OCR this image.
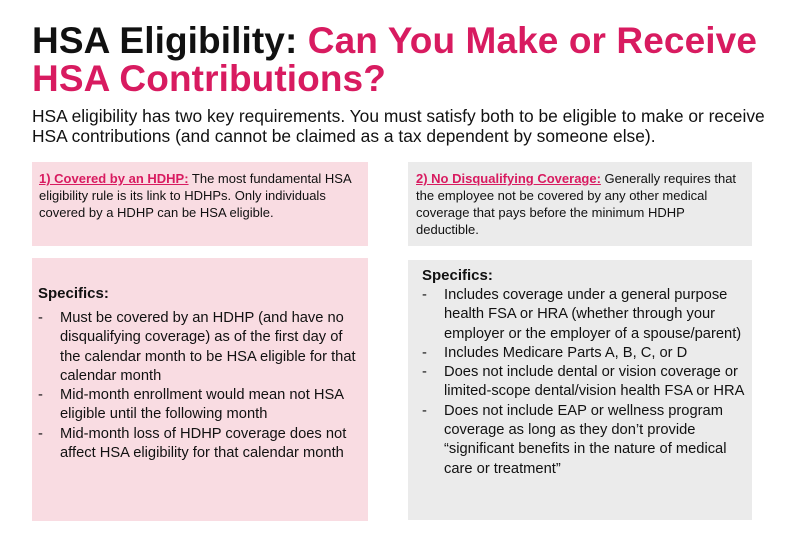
HSA Eligibility: Can You Make or Receive HSA Contributions?

HSA eligibility has two key requirements. You must satisfy both to be eligible to make or receive HSA contributions (and cannot be claimed as a tax dependent by someone else).

1) Covered by an HDHP: The most fundamental HSA eligibility rule is its link to HDHPs. Only individuals covered by a HDHP can be HSA eligible.

2) No Disqualifying Coverage: Generally requires that the employee not be covered by any other medical coverage that pays before the minimum HDHP deductible.

Specifics:
-	Must be covered by an HDHP (and have no disqualifying coverage) as of the first day of the calendar month to be HSA eligible for that calendar month
-	Mid-month enrollment would mean not HSA eligible until the following month
-	Mid-month loss of HDHP coverage does not affect HSA eligibility for that calendar month
Specifics:
-	Includes coverage under a general purpose health FSA or HRA (whether through your employer or the employer of a spouse/parent)
-	Includes Medicare Parts A, B, C, or D
-	Does not include dental or vision coverage or limited-scope dental/vision health FSA or HRA
-	Does not include EAP or wellness program coverage as long as they don’t provide “significant benefits in the nature of medical care or treatment”
